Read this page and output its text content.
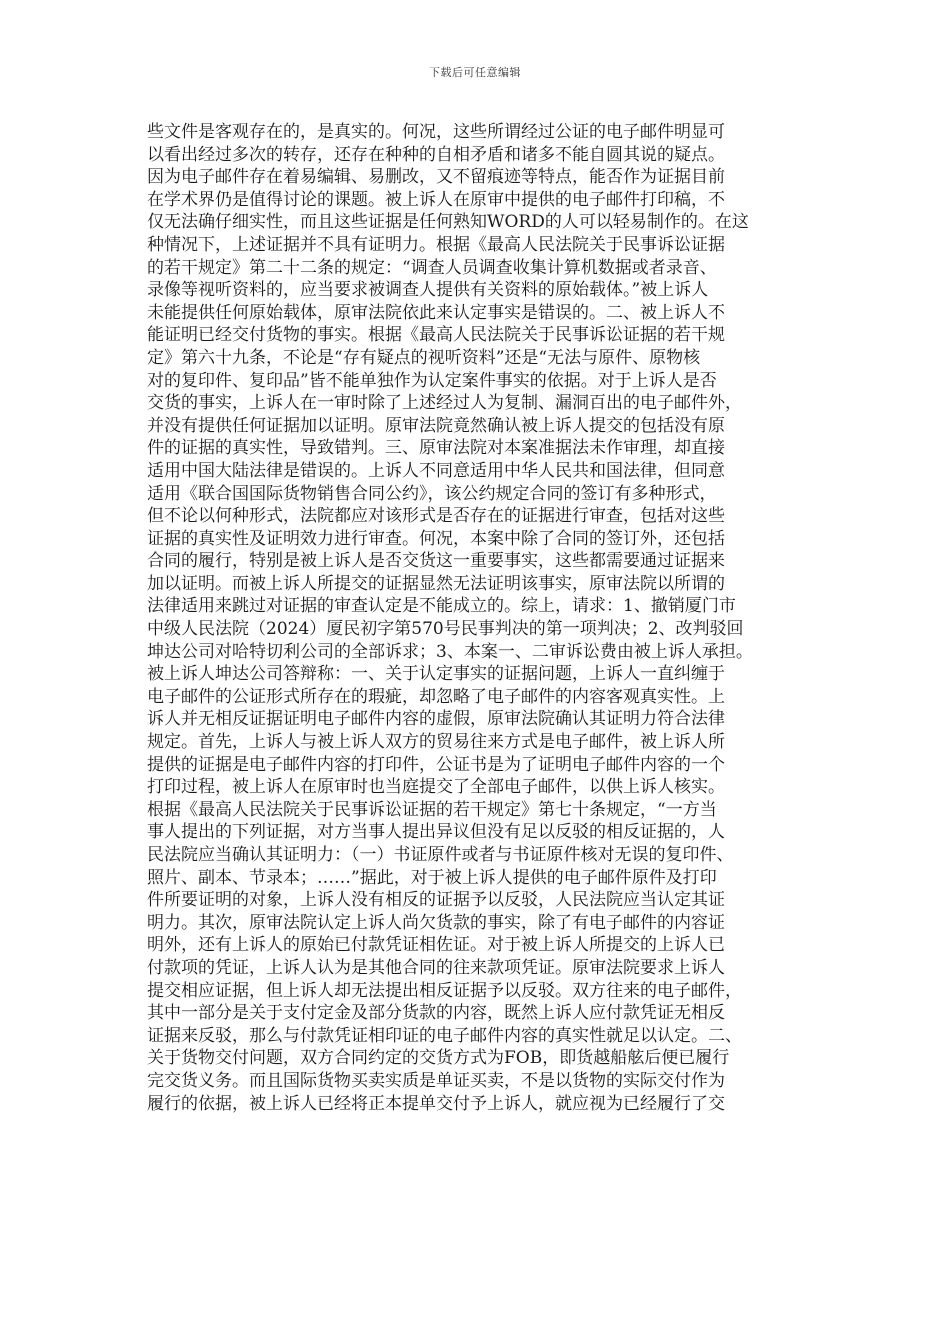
下载后可任意编辑
些文件是客观存在的，是真实的。何况，这些所谓经过公证的电子邮件明显可
以看出经过多次的转存，还存在种种的自相矛盾和诸多不能自圆其说的疑点。
因为电子邮件存在着易编辑、易删改，又不留痕迹等特点，能否作为证据目前
在学术界仍是值得讨论的课题。被上诉人在原审中提供的电子邮件打印稿，不
仅无法确仔细实性，而且这些证据是任何熟知WORD的人可以轻易制作的。在这
种情况下，上述证据并不具有证明力。根据《最高人民法院关于民事诉讼证据
的若干规定》第二十二条的规定：“调查人员调查收集计算机数据或者录音、
录像等视听资料的，应当要求被调查人提供有关资料的原始载体。”被上诉人
未能提供任何原始载体，原审法院依此来认定事实是错误的。二、被上诉人不
能证明已经交付货物的事实。根据《最高人民法院关于民事诉讼证据的若干规
定》第六十九条，不论是“存有疑点的视听资料”还是“无法与原件、原物核
对的复印件、复印品”皆不能单独作为认定案件事实的依据。对于上诉人是否
交货的事实，上诉人在一审时除了上述经过人为复制、漏洞百出的电子邮件外，
并没有提供任何证据加以证明。原审法院竟然确认被上诉人提交的包括没有原
件的证据的真实性，导致错判。三、原审法院对本案准据法未作审理，却直接
适用中国大陆法律是错误的。上诉人不同意适用中华人民共和国法律，但同意
适用《联合国国际货物销售合同公约》，该公约规定合同的签订有多种形式，
但不论以何种形式，法院都应对该形式是否存在的证据进行审查，包括对这些
证据的真实性及证明效力进行审查。何况，本案中除了合同的签订外，还包括
合同的履行，特别是被上诉人是否交货这一重要事实，这些都需要通过证据来
加以证明。而被上诉人所提交的证据显然无法证明该事实，原审法院以所谓的
法律适用来跳过对证据的审查认定是不能成立的。综上，请求：1、撤销厦门市
中级人民法院（2024）厦民初字第570号民事判决的第一项判决；2、改判驳回
坤达公司对哈特切利公司的全部诉求；3、本案一、二审诉讼费由被上诉人承担。
被上诉人坤达公司答辩称：一、关于认定事实的证据问题，上诉人一直纠缠于
电子邮件的公证形式所存在的瑕疵，却忽略了电子邮件的内容客观真实性。上
诉人并无相反证据证明电子邮件内容的虚假，原审法院确认其证明力符合法律
规定。首先，上诉人与被上诉人双方的贸易往来方式是电子邮件，被上诉人所
提供的证据是电子邮件内容的打印件，公证书是为了证明电子邮件内容的一个
打印过程，被上诉人在原审时也当庭提交了全部电子邮件，以供上诉人核实。
根据《最高人民法院关于民事诉讼证据的若干规定》第七十条规定，“一方当
事人提出的下列证据，对方当事人提出异议但没有足以反驳的相反证据的，人
民法院应当确认其证明力：（一）书证原件或者与书证原件核对无误的复印件、
照片、副本、节录本；……”据此，对于被上诉人提供的电子邮件原件及打印
件所要证明的对象，上诉人没有相反的证据予以反驳，人民法院应当认定其证
明力。其次，原审法院认定上诉人尚欠货款的事实，除了有电子邮件的内容证
明外，还有上诉人的原始已付款凭证相佐证。对于被上诉人所提交的上诉人已
付款项的凭证，上诉人认为是其他合同的往来款项凭证。原审法院要求上诉人
提交相应证据，但上诉人却无法提出相反证据予以反驳。双方往来的电子邮件，
其中一部分是关于支付定金及部分货款的内容，既然上诉人应付款凭证无相反
证据来反驳，那么与付款凭证相印证的电子邮件内容的真实性就足以认定。二、
关于货物交付问题，双方合同约定的交货方式为FOB，即货越船舷后便已履行
完交货义务。而且国际货物买卖实质是单证买卖，不是以货物的实际交付作为
履行的依据，被上诉人已经将正本提单交付予上诉人，就应视为已经履行了交
